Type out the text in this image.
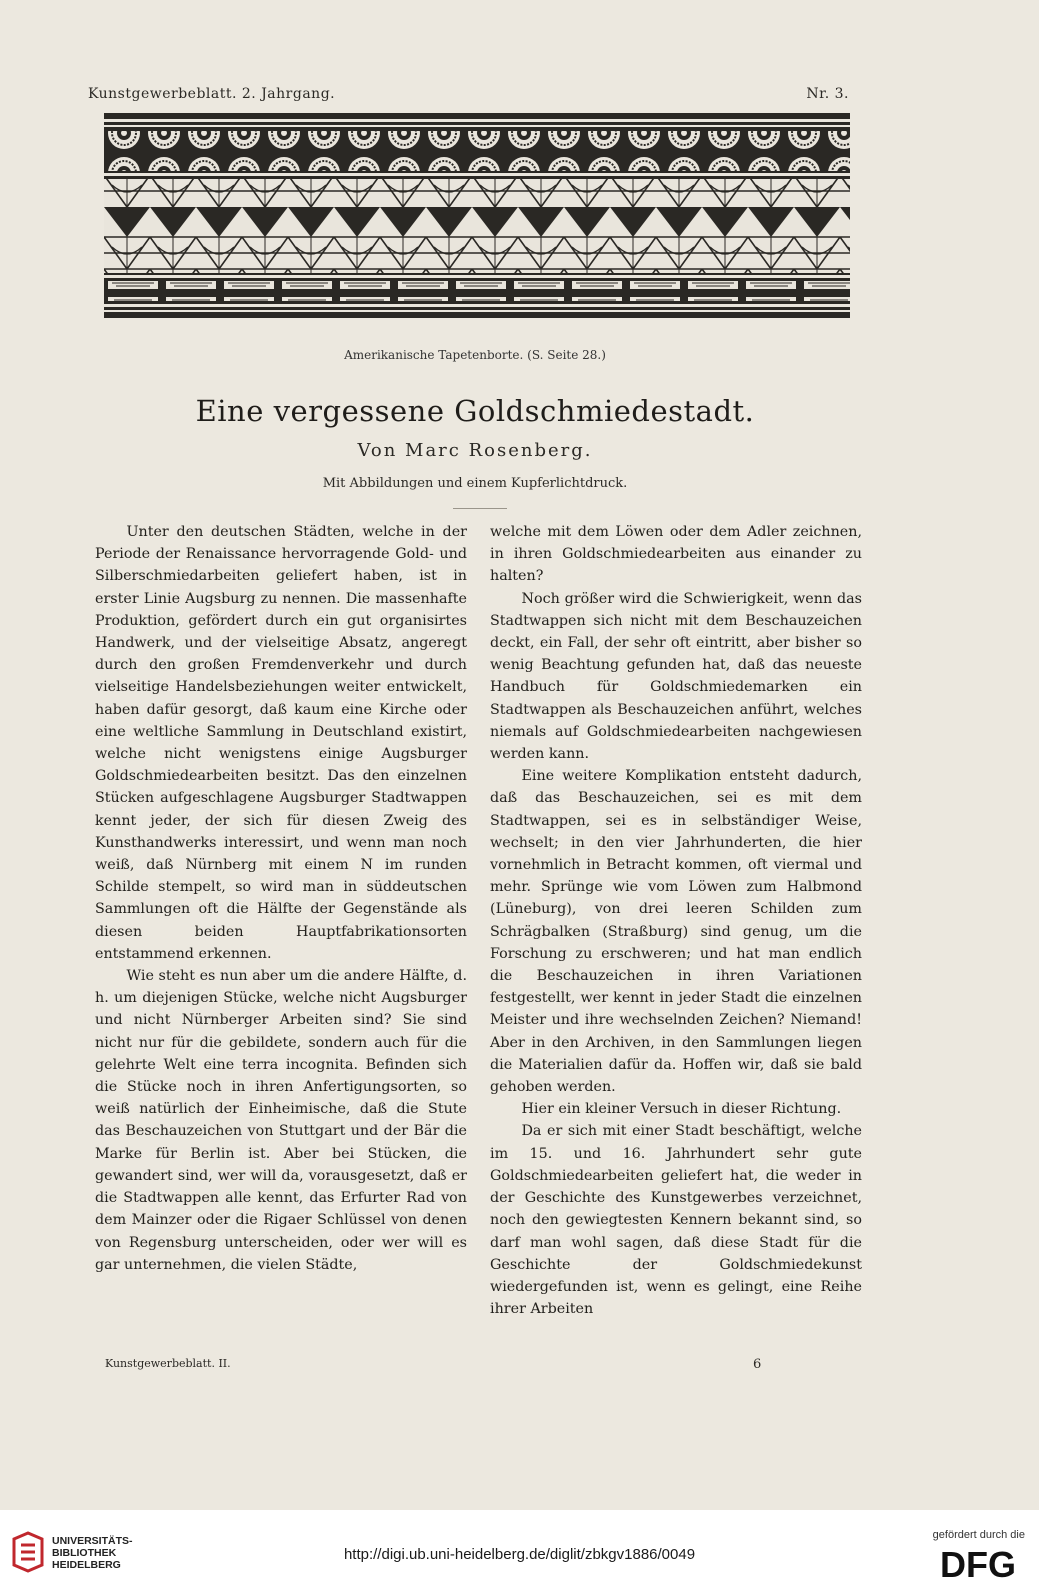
Kunstgewerbeblatt. 2. Jahrgang.	Nr. 3.
Amerikanische Tapetenborte. (S. Seite 28.)
Eine vergessene Goldschmiedestadt.
Von Marc Rosenberg.
Mit Abbildungen und einem Kupferlichtdruck.

Unter den deutschen Städten, welche in der Periode der Renaissance hervorragende Gold- und Silberschmiedarbeiten geliefert haben, ist in erster Linie Augsburg zu nennen. Die massenhafte Produktion, gefördert durch ein gut organisirtes Handwerk, und der vielseitige Absatz, angeregt durch den großen Fremdenverkehr und durch vielseitige Handelsbeziehungen weiter entwickelt, haben dafür gesorgt, daß kaum eine Kirche oder eine weltliche Sammlung in Deutschland existirt, welche nicht wenigstens einige Augsburger Goldschmiedearbeiten besitzt. Das den einzelnen Stücken aufgeschlagene Augsburger Stadtwappen kennt jeder, der sich für diesen Zweig des Kunsthandwerks interessirt, und wenn man noch weiß, daß Nürnberg mit einem N im runden Schilde stempelt, so wird man in süddeutschen Sammlungen oft die Hälfte der Gegenstände als diesen beiden Hauptfabrikationsorten entstammend erkennen.

Wie steht es nun aber um die andere Hälfte, d. h. um diejenigen Stücke, welche nicht Augsburger und nicht Nürnberger Arbeiten sind? Sie sind nicht nur für die gebildete, sondern auch für die gelehrte Welt eine terra incognita. Befinden sich die Stücke noch in ihren Anfertigungsorten, so weiß natürlich der Einheimische, daß die Stute das Beschauzeichen von Stuttgart und der Bär die Marke für Berlin ist. Aber bei Stücken, die gewandert sind, wer will da, vorausgesetzt, daß er die Stadtwappen alle kennt, das Erfurter Rad von dem Mainzer oder die Rigaer Schlüssel von denen von Regensburg unterscheiden, oder wer will es gar unternehmen, die vielen Städte,

welche mit dem Löwen oder dem Adler zeichnen, in ihren Goldschmiedearbeiten aus einander zu halten?

Noch größer wird die Schwierigkeit, wenn das Stadtwappen sich nicht mit dem Beschauzeichen deckt, ein Fall, der sehr oft eintritt, aber bisher so wenig Beachtung gefunden hat, daß das neueste Handbuch für Goldschmiedemarken ein Stadtwappen als Beschauzeichen anführt, welches niemals auf Goldschmiedearbeiten nachgewiesen werden kann.

Eine weitere Komplikation entsteht dadurch, daß das Beschauzeichen, sei es mit dem Stadtwappen, sei es in selbständiger Weise, wechselt; in den vier Jahrhunderten, die hier vornehmlich in Betracht kommen, oft viermal und mehr. Sprünge wie vom Löwen zum Halbmond (Lüneburg), von drei leeren Schilden zum Schrägbalken (Straßburg) sind genug, um die Forschung zu erschweren; und hat man endlich die Beschauzeichen in ihren Variationen festgestellt, wer kennt in jeder Stadt die einzelnen Meister und ihre wechselnden Zeichen? Niemand! Aber in den Archiven, in den Sammlungen liegen die Materialien dafür da. Hoffen wir, daß sie bald gehoben werden.

Hier ein kleiner Versuch in dieser Richtung.

Da er sich mit einer Stadt beschäftigt, welche im 15. und 16. Jahrhundert sehr gute Goldschmiedearbeiten geliefert hat, die weder in der Geschichte des Kunstgewerbes verzeichnet, noch den gewiegtesten Kennern bekannt sind, so darf man wohl sagen, daß diese Stadt für die Geschichte der Goldschmiedekunst wiedergefunden ist, wenn es gelingt, eine Reihe ihrer Arbeiten

Kunstgewerbeblatt. II.	6
UNIVERSITÄTS-
BIBLIOTHEK
HEIDELBERG
http://digi.ub.uni-heidelberg.de/diglit/zbkgv1886/0049
gefördert durch die
DFG
